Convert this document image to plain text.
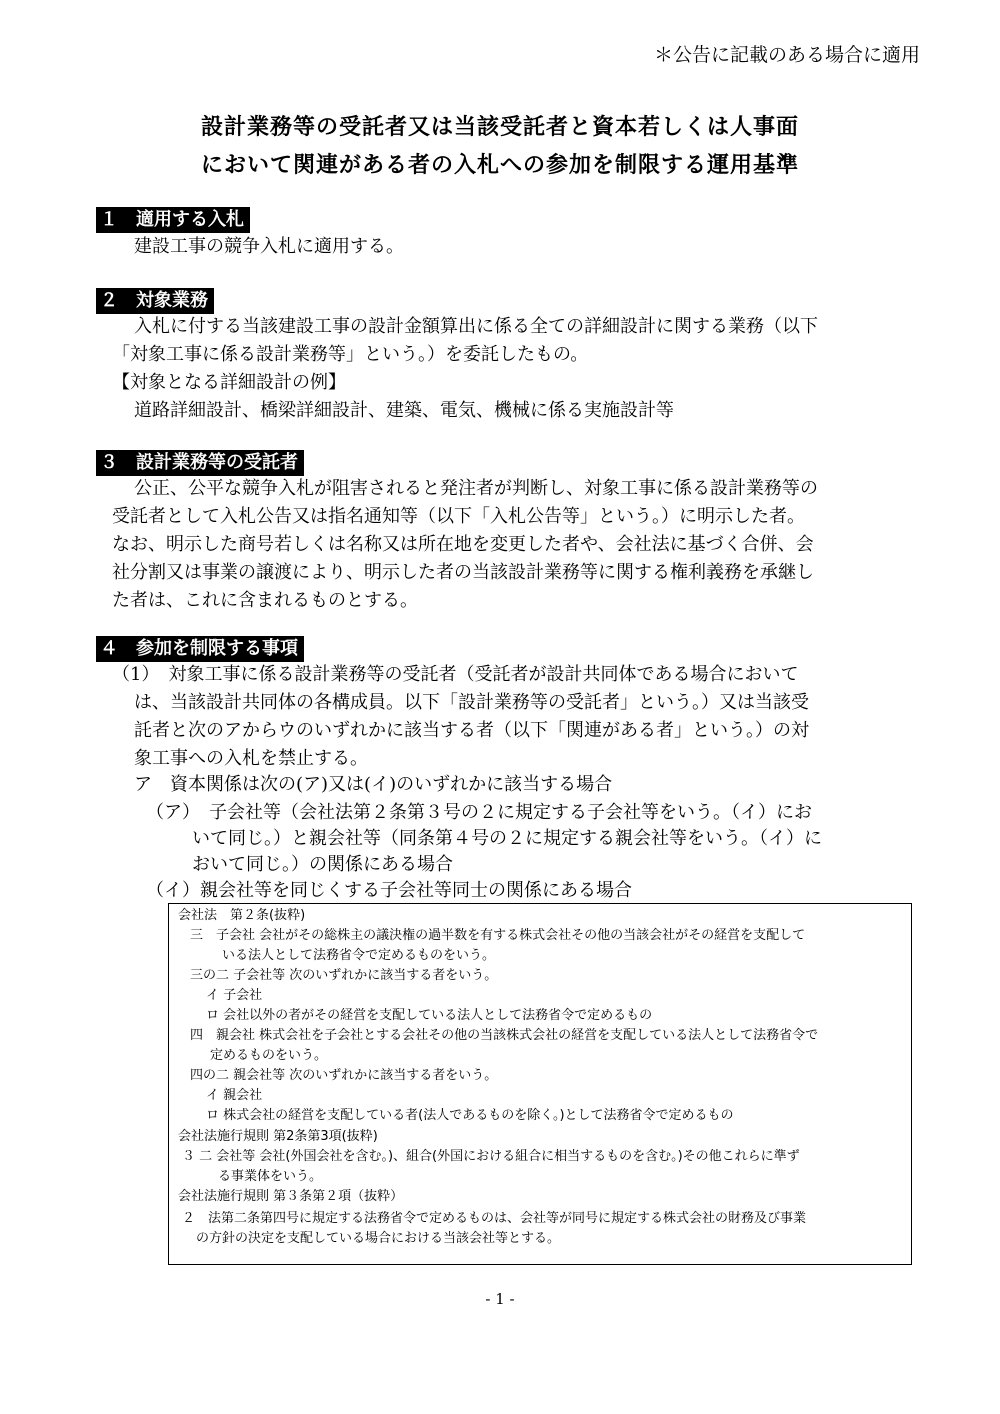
＊公告に記載のある場合に適用
設計業務等の受託者又は当該受託者と資本若しくは人事面
において関連がある者の入札への参加を制限する運用基準
１　適用する入札
建設工事の競争入札に適用する。
２　対象業務
入札に付する当該建設工事の設計金額算出に係る全ての詳細設計に関する業務（以下
「対象工事に係る設計業務等」という。）を委託したもの。
【対象となる詳細設計の例】
道路詳細設計、橋梁詳細設計、建築、電気、機械に係る実施設計等
３　設計業務等の受託者
公正、公平な競争入札が阻害されると発注者が判断し、対象工事に係る設計業務等の
受託者として入札公告又は指名通知等（以下「入札公告等」という。）に明示した者。
なお、明示した商号若しくは名称又は所在地を変更した者や、会社法に基づく合併、会
社分割又は事業の譲渡により、明示した者の当該設計業務等に関する権利義務を承継し
た者は、これに含まれるものとする。
４　参加を制限する事項
（1）　対象工事に係る設計業務等の受託者（受託者が設計共同体である場合において
は、当該設計共同体の各構成員。以下「設計業務等の受託者」という。）又は当該受
託者と次のアからウのいずれかに該当する者（以下「関連がある者」という。）の対
象工事への入札を禁止する。
ア　資本関係は次の(ア)又は(イ)のいずれかに該当する場合
（ア）　子会社等（会社法第２条第３号の２に規定する子会社等をいう。（イ）にお
いて同じ。）と親会社等（同条第４号の２に規定する親会社等をいう。（イ）に
おいて同じ。）の関係にある場合
（イ）親会社等を同じくする子会社等同士の関係にある場合
会社法　第２条(抜粋)
三　子会社 会社がその総株主の議決権の過半数を有する株式会社その他の当該会社がその経営を支配して
いる法人として法務省令で定めるものをいう。
三の二 子会社等 次のいずれかに該当する者をいう。
イ 子会社
ロ 会社以外の者がその経営を支配している法人として法務省令で定めるもの
四　親会社 株式会社を子会社とする会社その他の当該株式会社の経営を支配している法人として法務省令で
定めるものをいう。
四の二 親会社等 次のいずれかに該当する者をいう。
イ 親会社
ロ 株式会社の経営を支配している者(法人であるものを除く。)として法務省令で定めるもの
会社法施行規則 第2条第3項(抜粋)
３ 二 会社等 会社(外国会社を含む。)、組合(外国における組合に相当するものを含む。)その他これらに準ず
る事業体をいう。
会社法施行規則 第３条第２項（抜粋）
２　法第二条第四号に規定する法務省令で定めるものは、会社等が同号に規定する株式会社の財務及び事業
の方針の決定を支配している場合における当該会社等とする。
- 1 -
